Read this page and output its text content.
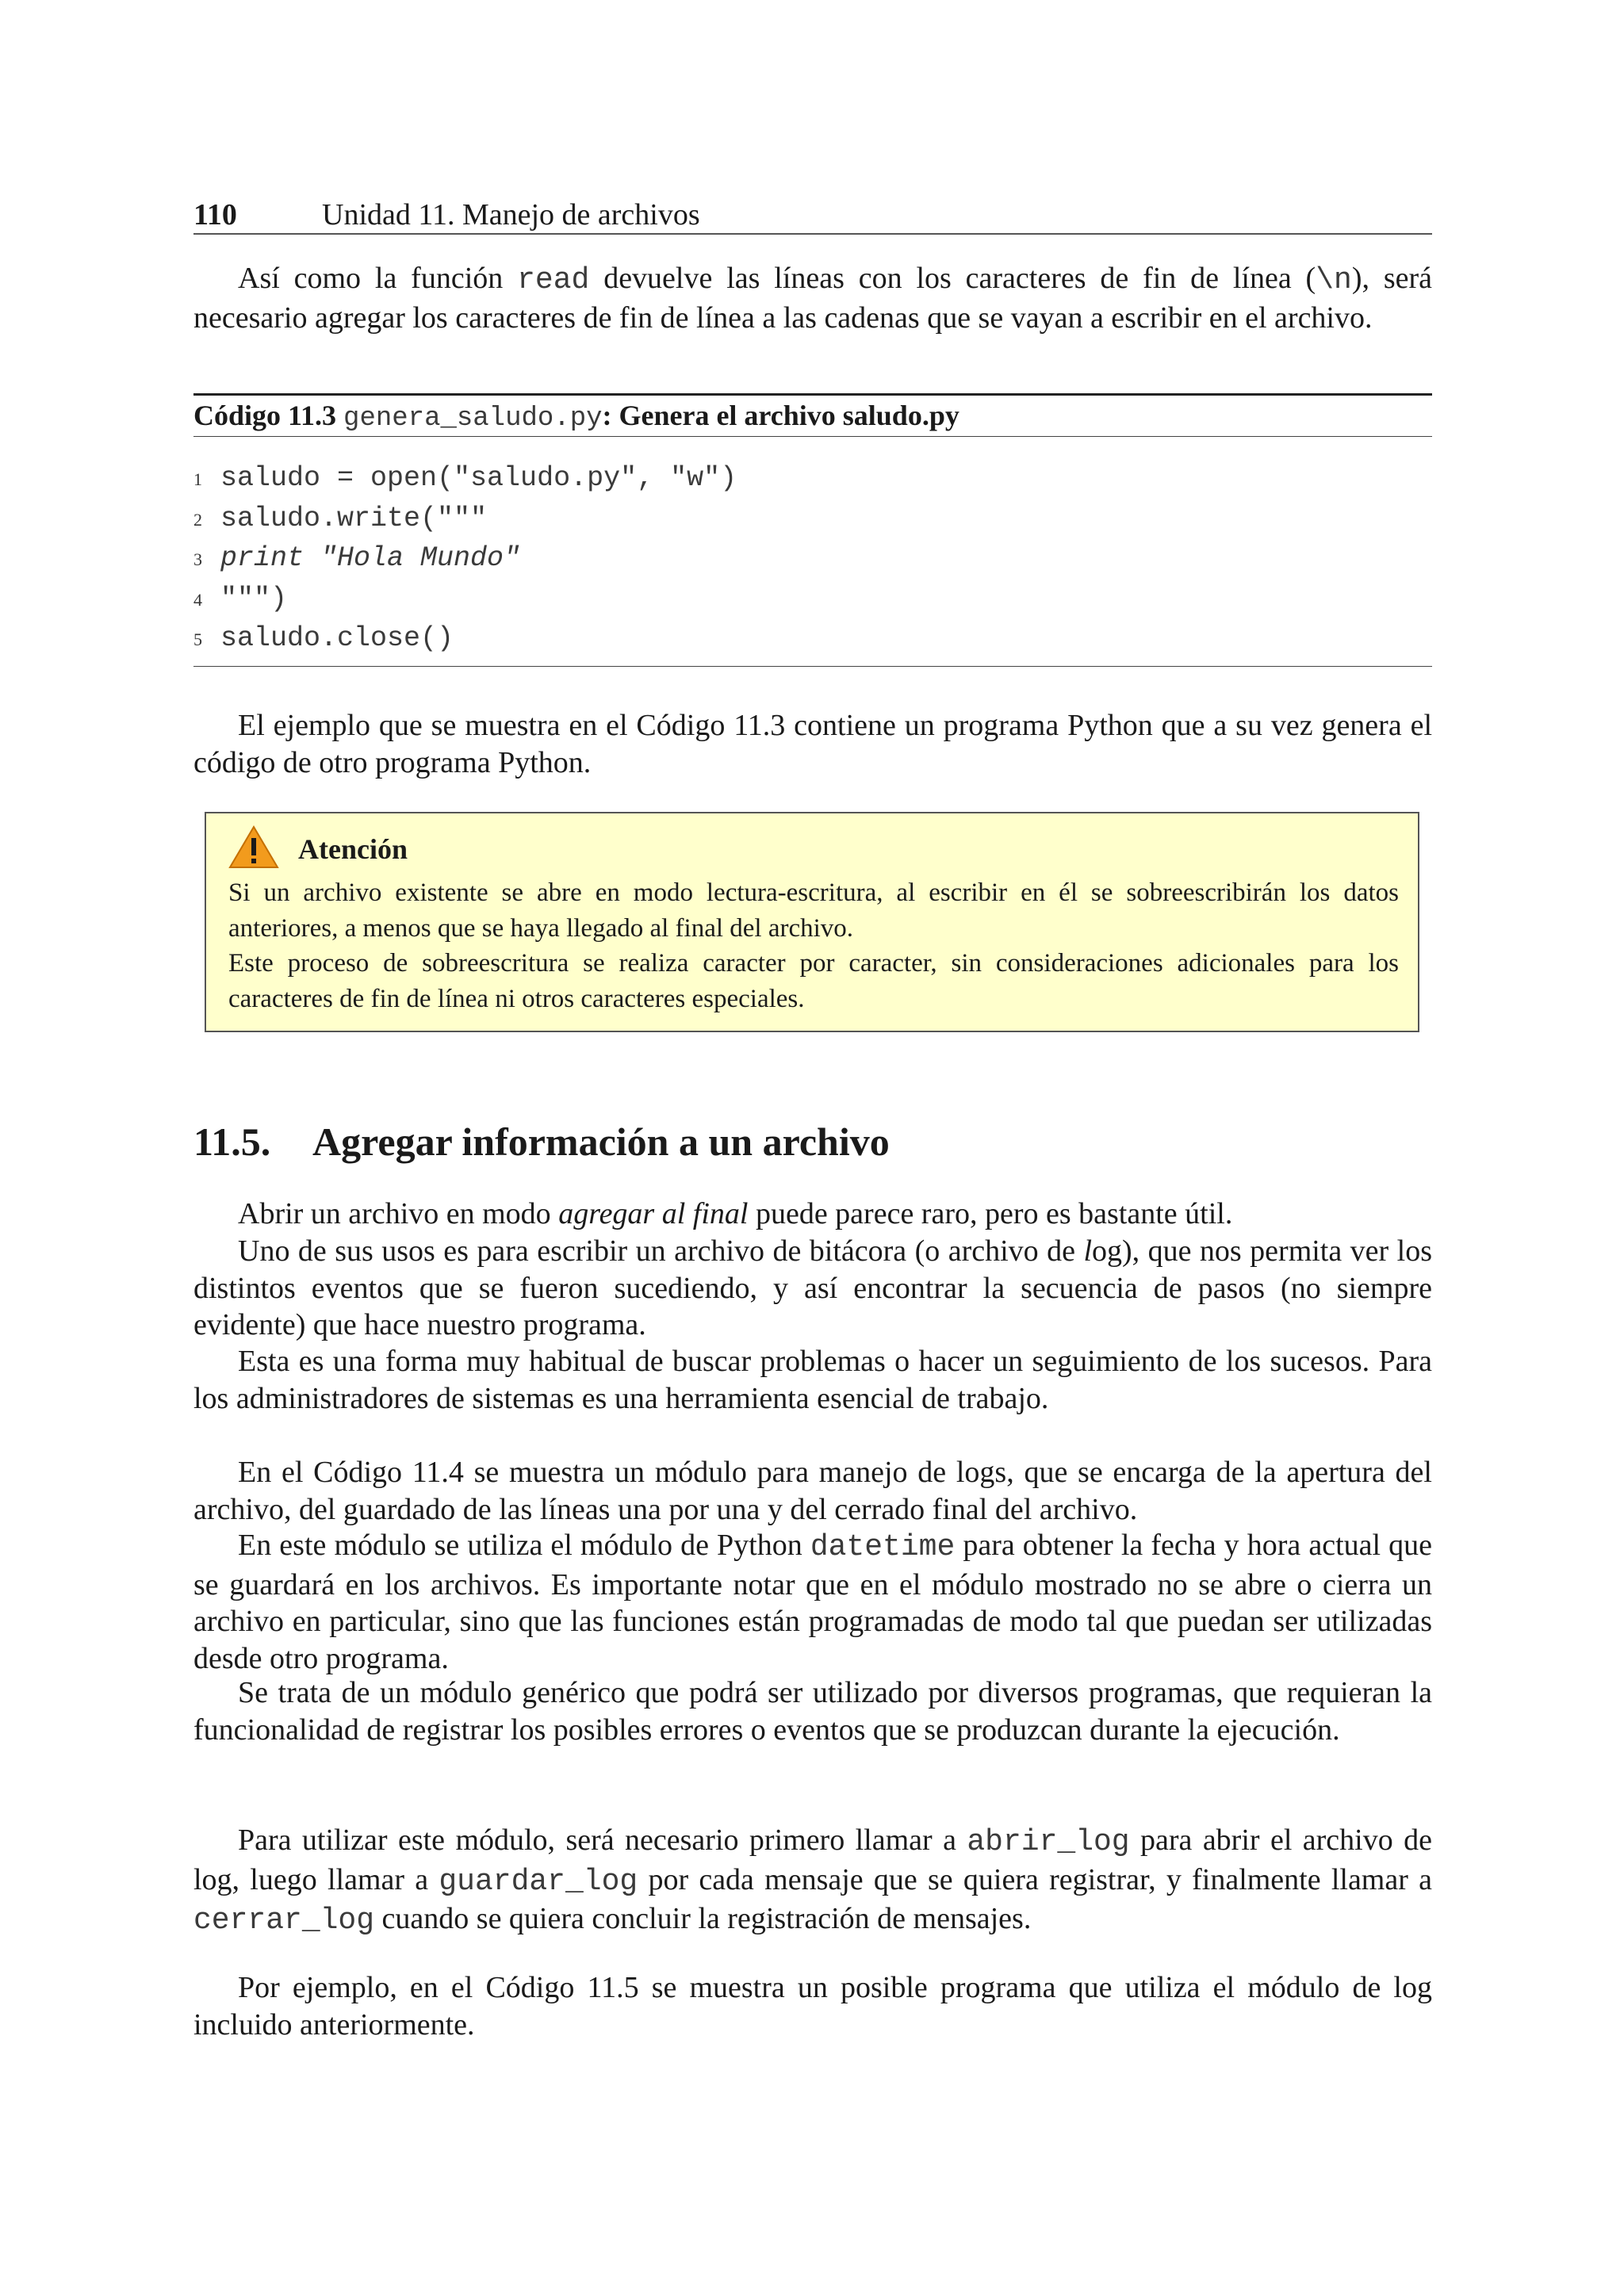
110	Unidad 11. Manejo de archivos
Así como la función read devuelve las líneas con los caracteres de fin de línea (\n), será necesario agregar los caracteres de fin de línea a las cadenas que se vayan a escribir en el archivo.
Código 11.3 genera_saludo.py: Genera el archivo saludo.py
1 saludo = open("saludo.py", "w")
2 saludo.write("""
3 print "Hola Mundo"
4 """)
5 saludo.close()
El ejemplo que se muestra en el Código 11.3 contiene un programa Python que a su vez genera el código de otro programa Python.
Atención
Si un archivo existente se abre en modo lectura-escritura, al escribir en él se sobreescribirán los datos anteriores, a menos que se haya llegado al final del archivo.
Este proceso de sobreescritura se realiza caracter por caracter, sin consideraciones adicionales para los caracteres de fin de línea ni otros caracteres especiales.
11.5. Agregar información a un archivo
Abrir un archivo en modo agregar al final puede parece raro, pero es bastante útil.
Uno de sus usos es para escribir un archivo de bitácora (o archivo de log), que nos permita ver los distintos eventos que se fueron sucediendo, y así encontrar la secuencia de pasos (no siempre evidente) que hace nuestro programa.
Esta es una forma muy habitual de buscar problemas o hacer un seguimiento de los sucesos. Para los administradores de sistemas es una herramienta esencial de trabajo.
En el Código 11.4 se muestra un módulo para manejo de logs, que se encarga de la apertura del archivo, del guardado de las líneas una por una y del cerrado final del archivo.
En este módulo se utiliza el módulo de Python datetime para obtener la fecha y hora actual que se guardará en los archivos. Es importante notar que en el módulo mostrado no se abre o cierra un archivo en particular, sino que las funciones están programadas de modo tal que puedan ser utilizadas desde otro programa.
Se trata de un módulo genérico que podrá ser utilizado por diversos programas, que requieran la funcionalidad de registrar los posibles errores o eventos que se produzcan durante la ejecución.
Para utilizar este módulo, será necesario primero llamar a abrir_log para abrir el archivo de log, luego llamar a guardar_log por cada mensaje que se quiera registrar, y finalmente llamar a cerrar_log cuando se quiera concluir la registración de mensajes.
Por ejemplo, en el Código 11.5 se muestra un posible programa que utiliza el módulo de log incluido anteriormente.
